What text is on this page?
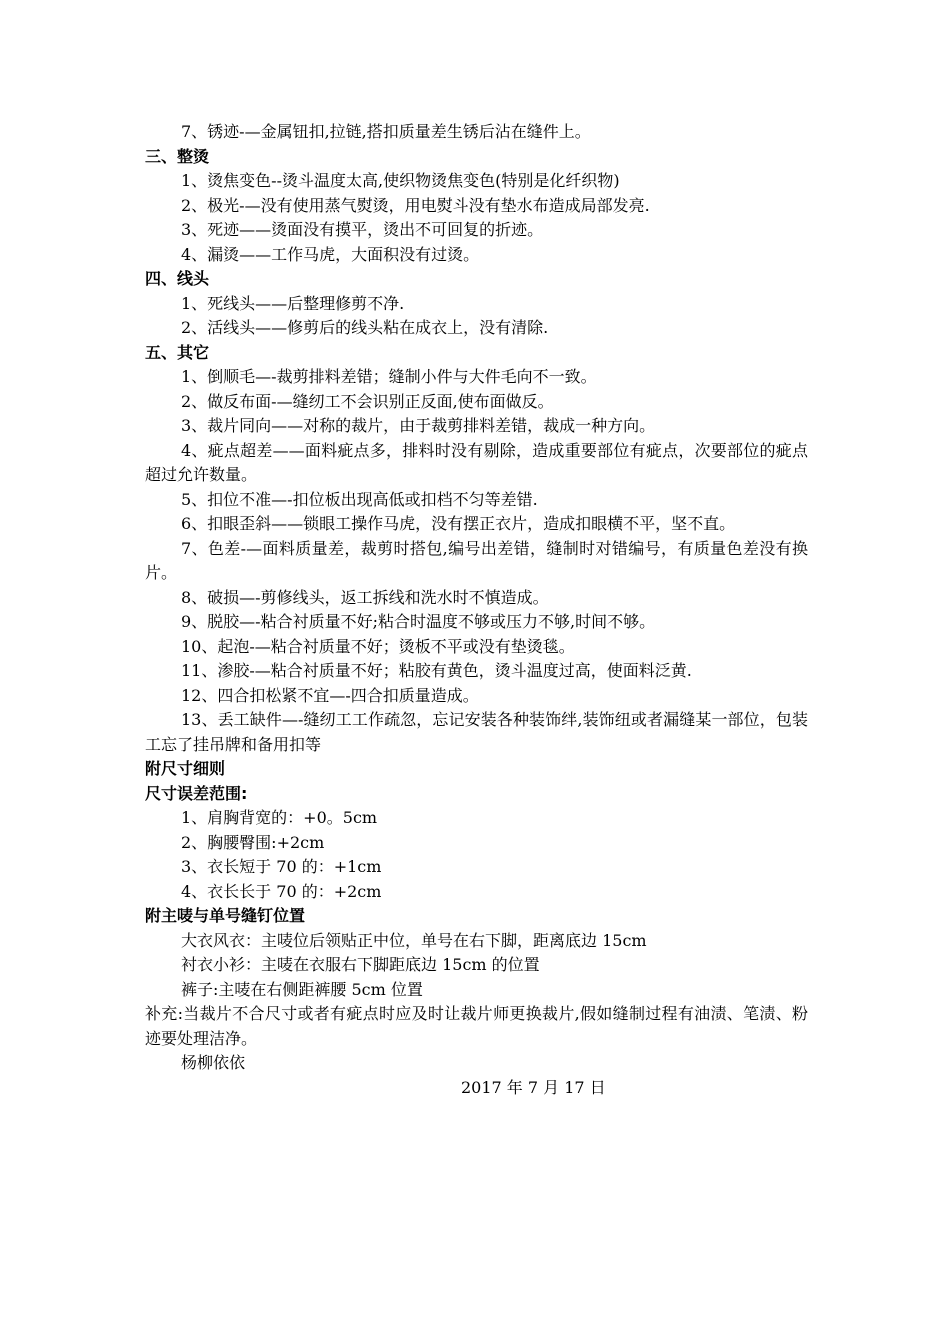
7、锈迹-—金属钮扣,拉链,搭扣质量差生锈后沾在缝件上。

三、整烫

1、烫焦变色--烫斗温度太高,使织物烫焦变色(特别是化纤织物)

2、极光-—没有使用蒸气熨烫，用电熨斗没有垫水布造成局部发亮.

3、死迹——烫面没有摸平，烫出不可回复的折迹。

4、漏烫——工作马虎，大面积没有过烫。

四、线头

1、死线头——后整理修剪不净.

2、活线头——修剪后的线头粘在成衣上，没有清除.

五、其它

1、倒顺毛—-裁剪排料差错；缝制小件与大件毛向不一致。

2、做反布面-—缝纫工不会识别正反面,使布面做反。

3、裁片同向——对称的裁片，由于裁剪排料差错，裁成一种方向。

4、疵点超差——面料疵点多，排料时没有剔除，造成重要部位有疵点，次要部位的疵点超过允许数量。

5、扣位不准—-扣位板出现高低或扣档不匀等差错.

6、扣眼歪斜——锁眼工操作马虎，没有摆正衣片，造成扣眼横不平，坚不直。

7、色差-—面料质量差，裁剪时搭包,编号出差错，缝制时对错编号，有质量色差没有换片。

8、破损—-剪修线头，返工拆线和洗水时不慎造成。

9、脱胶—-粘合衬质量不好;粘合时温度不够或压力不够,时间不够。

10、起泡-—粘合衬质量不好；烫板不平或没有垫烫毯。

11、渗胶-—粘合衬质量不好；粘胶有黄色，烫斗温度过高，使面料泛黄.

12、四合扣松紧不宜—-四合扣质量造成。

13、丢工缺件—-缝纫工工作疏忽，忘记安装各种装饰绊,装饰纽或者漏缝某一部位，包装工忘了挂吊牌和备用扣等

附尺寸细则

尺寸误差范围:

1、肩胸背宽的：+0。5cm

2、胸腰臀围:+2cm

3、衣长短于 70 的：+1cm

4、衣长长于 70 的：+2cm

附主唛与单号缝钉位置

大衣风衣：主唛位后领贴正中位，单号在右下脚，距离底边 15cm

衬衣小衫：主唛在衣服右下脚距底边 15cm 的位置

裤子:主唛在右侧距裤腰 5cm 位置

补充:当裁片不合尺寸或者有疵点时应及时让裁片师更换裁片,假如缝制过程有油渍、笔渍、粉迹要处理洁净。

杨柳依依

2017 年 7 月 17 日
